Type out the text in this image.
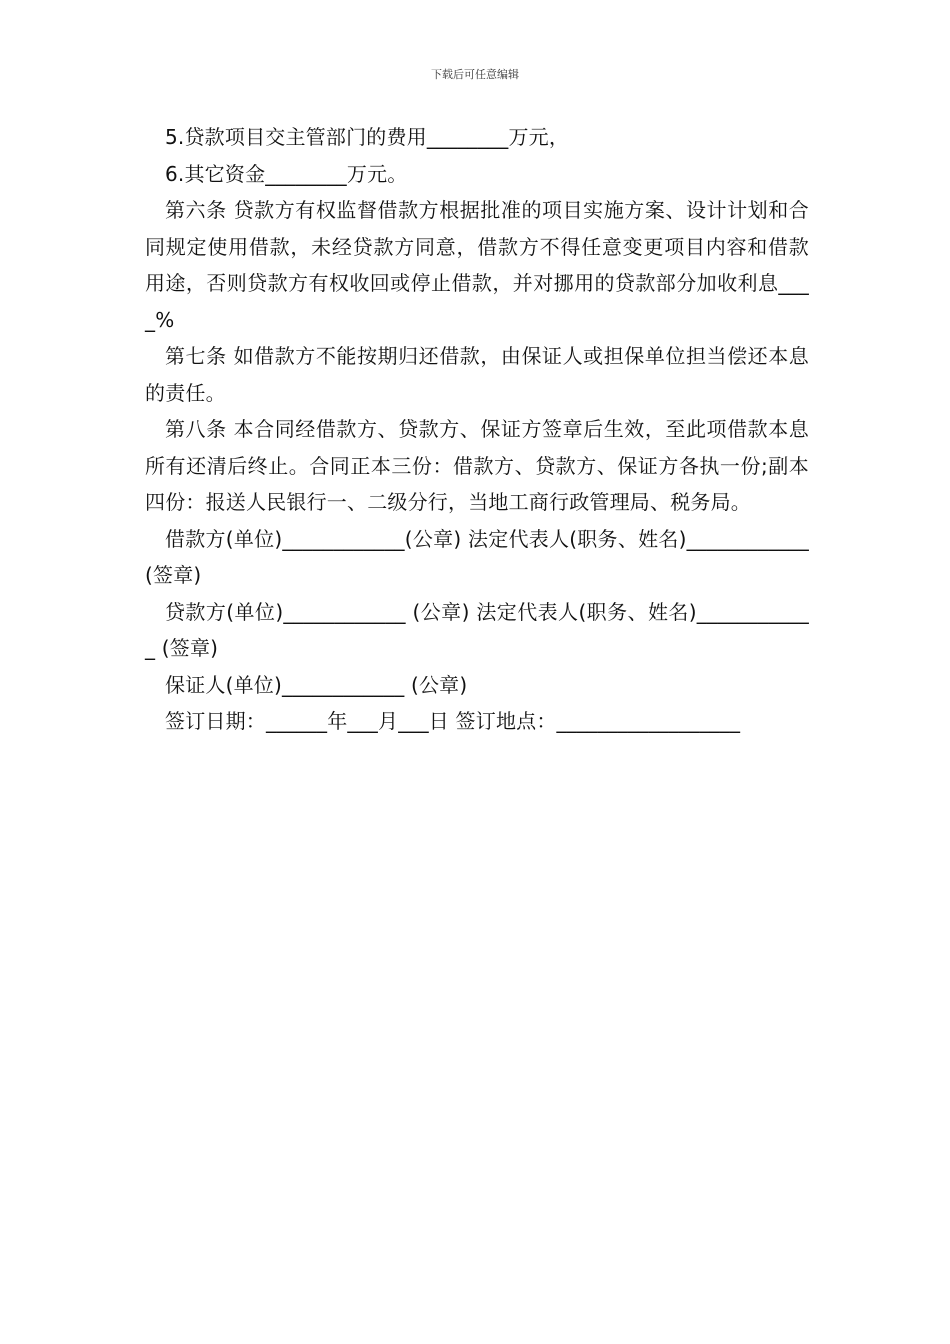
下载后可任意编辑

5.贷款项目交主管部门的费用________万元，

6.其它资金________万元。

第六条 贷款方有权监督借款方根据批准的项目实施方案、设计计划和合同规定使用借款，未经贷款方同意，借款方不得任意变更项目内容和借款用途，否则贷款方有权收回或停止借款，并对挪用的贷款部分加收利息____%

第七条 如借款方不能按期归还借款，由保证人或担保单位担当偿还本息的责任。

第八条 本合同经借款方、贷款方、保证方签章后生效，至此项借款本息所有还清后终止。合同正本三份：借款方、贷款方、保证方各执一份;副本四份：报送人民银行一、二级分行，当地工商行政管理局、税务局。

借款方(单位)____________(公章) 法定代表人(职务、姓名)____________ (签章)

贷款方(单位)____________ (公章) 法定代表人(职务、姓名)____________ (签章)

保证人(单位)____________ (公章)

签订日期：______年___月___日 签订地点：__________________
